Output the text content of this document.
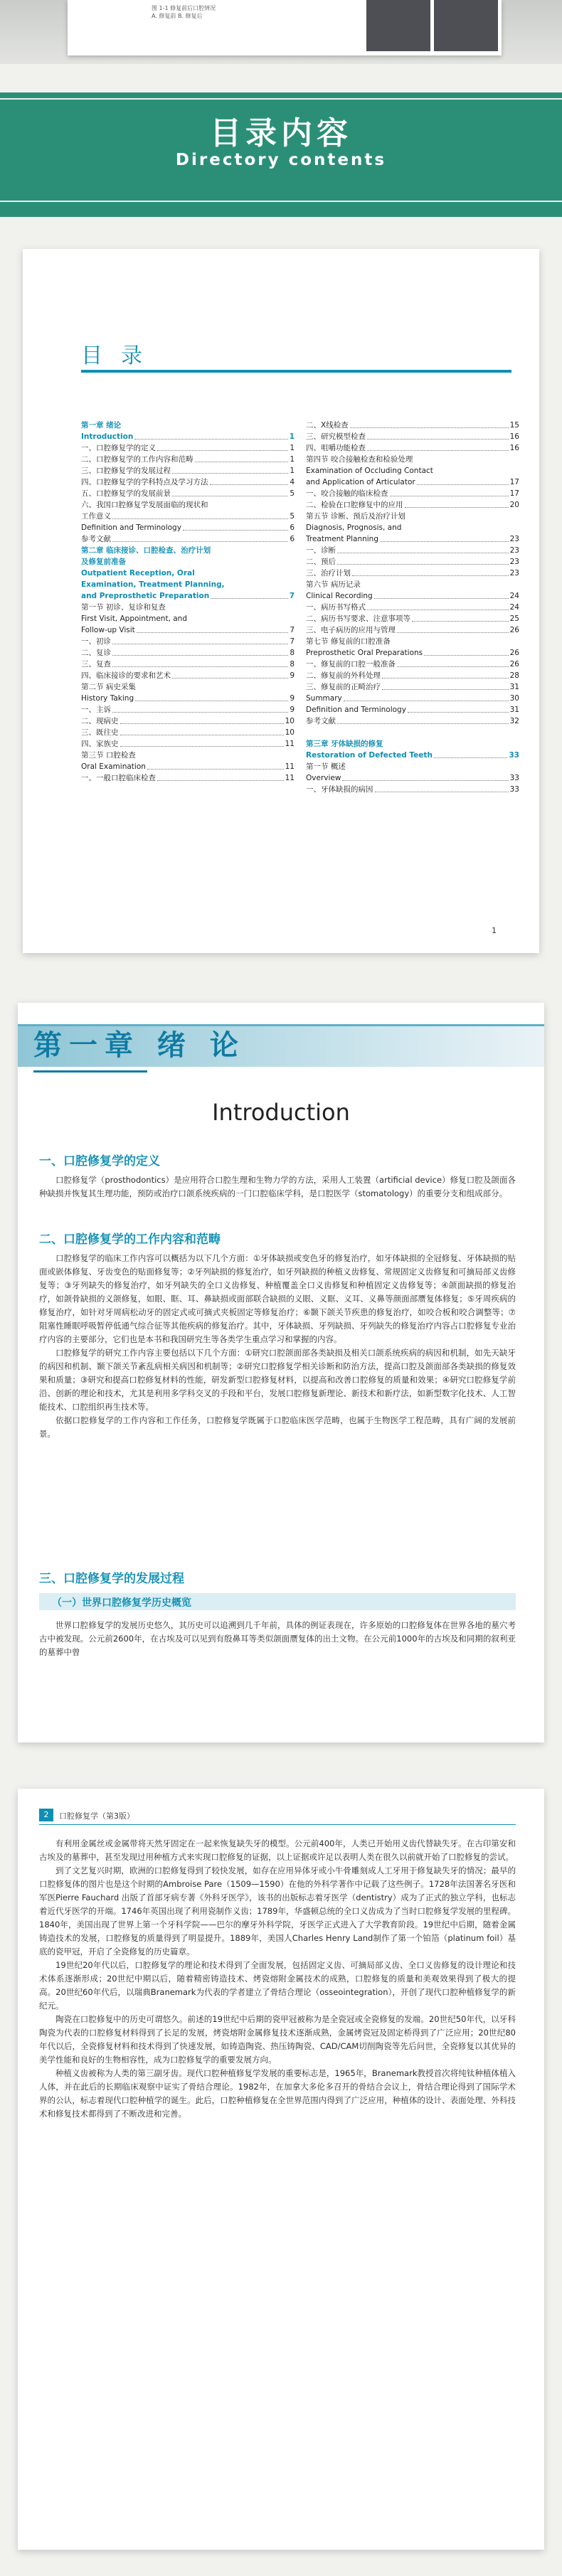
图 1-1 修复前后口腔情况
A. 修复前 B. 修复后
目录内容
Directory contents
目录
第一章 绪论
Introduction	1
一、口腔修复学的定义	1
二、口腔修复学的工作内容和范畴	1
三、口腔修复学的发展过程	1
四、口腔修复学的学科特点及学习方法	4
五、口腔修复学的发展前景	5
六、我国口腔修复学发展面临的现状和
工作意义	5
Definition and Terminology	6
参考文献	6
第二章 临床接诊、口腔检查、治疗计划
及修复前准备
Outpatient Reception, Oral
Examination, Treatment Planning,
and Preprosthetic Preparation	7
第一节 初诊、复诊和复查
First Visit, Appointment, and
Follow-up Visit	7
一、初诊	7
二、复诊	8
三、复查	8
四、临床接诊的要求和艺术	9
第二节 病史采集
History Taking	9
一、主诉	9
二、现病史	10
三、既往史	10
四、家族史	11
第三节 口腔检查
Oral Examination	11
一、一般口腔临床检查	11
二、X线检查	15
三、研究模型检查	16
四、咀嚼功能检查	16
第四节 咬合接触检查和检验处理
Examination of Occluding Contact
and Application of Articulator	17
一、咬合接触的临床检查	17
二、检验在口腔修复中的应用	20
第五节 诊断、预后及治疗计划
Diagnosis, Prognosis, and
Treatment Planning	23
一、诊断	23
二、预后	23
三、治疗计划	23
第六节 病历记录
Clinical Recording	24
一、病历书写格式	24
二、病历书写要求、注意事项等	25
三、电子病历的应用与管理	26
第七节 修复前的口腔准备
Preprosthetic Oral Preparations	26
一、修复前的口腔一般准备	26
二、修复前的外科处理	28
三、修复前的正畸治疗	31
Summary	30
Definition and Terminology	31
参考文献	32
第三章 牙体缺损的修复
Restoration of Defected Teeth	33
第一节 概述
Overview	33
一、牙体缺损的病因	33
1
第一章 绪 论
Introduction
一、口腔修复学的定义

口腔修复学（prosthodontics）是应用符合口腔生理和生物力学的方法，采用人工装置（artificial device）修复口腔及颌面各种缺损并恢复其生理功能，预防或治疗口颌系统疾病的一门口腔临床学科，是口腔医学（stomatology）的重要分支和组成部分。

二、口腔修复学的工作内容和范畴

口腔修复学的临床工作内容可以概括为以下几个方面：①牙体缺损或变色牙的修复治疗，如牙体缺损的全冠修复、牙体缺损的贴面或嵌体修复、牙齿变色的贴面修复等；②牙列缺损的修复治疗，如牙列缺损的种植义齿修复、常规固定义齿修复和可摘局部义齿修复等；③牙列缺失的修复治疗，如牙列缺失的全口义齿修复、种植覆盖全口义齿修复和种植固定义齿修复等；④颌面缺损的修复治疗，如颌骨缺损的义颌修复，如眼、眶、耳、鼻缺损或面部联合缺损的义眼、义眶、义耳、义鼻等颜面部赝复体修复；⑤牙周疾病的修复治疗，如针对牙周病松动牙的固定式或可摘式夹板固定等修复治疗；⑥颞下颌关节疾患的修复治疗，如咬合板和咬合调整等；⑦阻塞性睡眠呼吸暂停低通气综合征等其他疾病的修复治疗。其中，牙体缺损、牙列缺损、牙列缺失的修复治疗内容占口腔修复专业治疗内容的主要部分，它们也是本书和我国研究生等各类学生重点学习和掌握的内容。

口腔修复学的研究工作内容主要包括以下几个方面：①研究口腔颌面部各类缺损及相关口颌系统疾病的病因和机制，如先天缺牙的病因和机制、颞下颌关节紊乱病相关病因和机制等；②研究口腔修复学相关诊断和防治方法，提高口腔及颌面部各类缺损的修复效果和质量；③研究和提高口腔修复材料的性能，研发新型口腔修复材料，以提高和改善口腔修复的质量和效果；④研究口腔修复学前沿、创新的理论和技术，尤其是利用多学科交叉的手段和平台，发展口腔修复新理论、新技术和新疗法，如新型数字化技术、人工智能技术、口腔组织再生技术等。

依据口腔修复学的工作内容和工作任务，口腔修复学既属于口腔临床医学范畴，也属于生物医学工程范畴，具有广阔的发展前景。

三、口腔修复学的发展过程
（一）世界口腔修复学历史概览

世界口腔修复学的发展历史悠久，其历史可以追溯到几千年前，具体的例证表现在，许多原始的口腔修复体在世界各地的墓穴考古中被发现。公元前2600年，在古埃及可以见到有殷鼻耳等类似颌面赝复体的出土文物。在公元前1000年的古埃及和同期的叙利亚的墓葬中曾

2	口腔修复学（第3版）

有利用金属丝或金属带将天然牙固定在一起来恢复缺失牙的模型。公元前400年，人类已开始用义齿代替缺失牙。在古印第安和古埃及的墓葬中，甚至发现过用种植方式来实现口腔修复的证据，以上证据或许足以表明人类在很久以前就开始了口腔修复的尝试。

到了文艺复兴时期，欧洲的口腔修复得到了较快发展，如存在应用异体牙或小牛骨雕刻成人工牙用于修复缺失牙的情况；最早的口腔修复体的图片也是这个时期的Ambroise Pare（1509—1590）在他的外科学著作中记载了这些例子。1728年法国著名牙医和军医Pierre Fauchard 出版了首部牙病专著《外科牙医学》，该书的出版标志着牙医学（dentistry）成为了正式的独立学科，也标志着近代牙医学的开端。1746年英国出现了利用瓷制作义齿；1789年，华盛顿总统的全口义齿成为了当时口腔修复学发展的里程碑。1840年，美国出现了世界上第一个牙科学院——巴尔的摩牙外科学院，牙医学正式进入了大学教育阶段。19世纪中后期，随着金属铸造技术的发展，口腔修复的质量得到了明显提升。1889年，美国人Charles Henry Land制作了第一个铂箔（platinum foil）基底的瓷甲冠，开启了全瓷修复的历史篇章。

19世纪20年代以后，口腔修复学的理论和技术得到了全面发展，包括固定义齿、可摘局部义齿、全口义齿修复的设计理论和技术体系逐渐形成；20世纪中期以后，随着精密铸造技术、烤瓷熔附金属技术的成熟，口腔修复的质量和美观效果得到了极大的提高。20世纪60年代后，以瑞典Branemark为代表的学者建立了骨结合理论（osseointegration），开创了现代口腔种植修复学的新纪元。

陶瓷在口腔修复中的历史可谓悠久。前述的19世纪中后期的瓷甲冠被称为是全瓷冠或全瓷修复的发端。20世纪50年代，以牙科陶瓷为代表的口腔修复材料得到了长足的发展，烤瓷熔附金属修复技术逐渐成熟，金属烤瓷冠及固定桥得到了广泛应用；20世纪80年代以后，全瓷修复材料和技术得到了快速发展，如铸造陶瓷、热压铸陶瓷、CAD/CAM切削陶瓷等先后问世，全瓷修复以其优异的美学性能和良好的生物相容性，成为口腔修复学的重要发展方向。

种植义齿被称为人类的第三副牙齿。现代口腔种植修复学发展的重要标志是，1965年，Branemark教授首次将纯钛种植体植入人体，并在此后的长期临床观察中证实了骨结合理论。1982年，在加拿大多伦多召开的骨结合会议上，骨结合理论得到了国际学术界的公认，标志着现代口腔种植学的诞生。此后，口腔种植修复在全世界范围内得到了广泛应用，种植体的设计、表面处理、外科技术和修复技术都得到了不断改进和完善。
